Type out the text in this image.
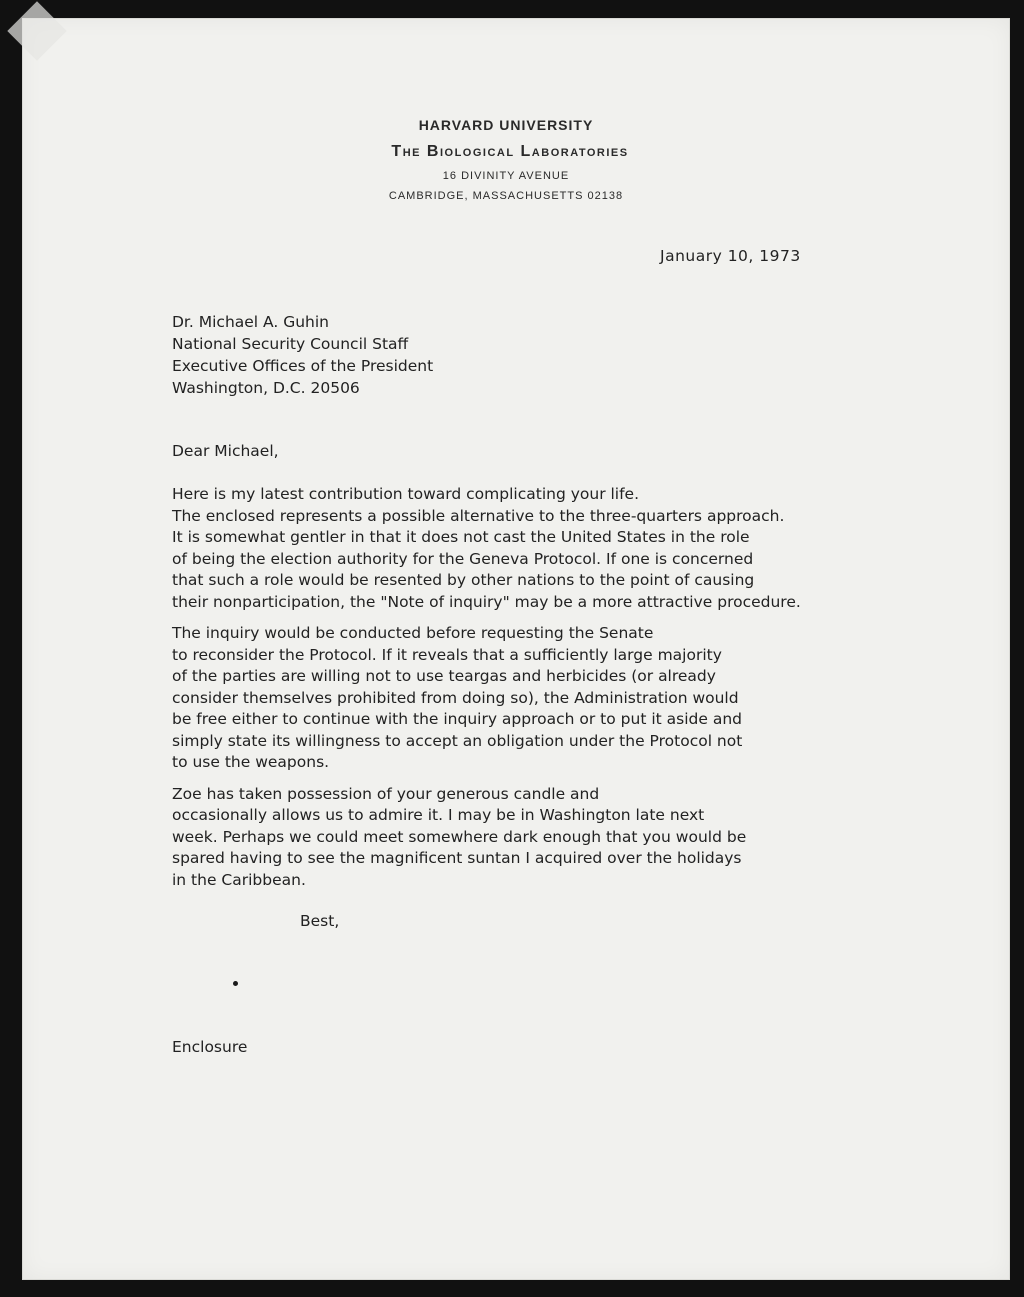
HARVARD UNIVERSITY
The Biological Laboratories
16 DIVINITY AVENUE
CAMBRIDGE, MASSACHUSETTS 02138
January 10, 1973
Dr. Michael A. Guhin
National Security Council Staff
Executive Offices of the President
Washington, D.C. 20506
Dear Michael,

Here is my latest contribution toward complicating your life.
The enclosed represents a possible alternative to the three-quarters approach.
It is somewhat gentler in that it does not cast the United States in the role
of being the election authority for the Geneva Protocol. If one is concerned
that such a role would be resented by other nations to the point of causing
their nonparticipation, the "Note of inquiry" may be a more attractive procedure.

The inquiry would be conducted before requesting the Senate
to reconsider the Protocol. If it reveals that a sufficiently large majority
of the parties are willing not to use teargas and herbicides (or already
consider themselves prohibited from doing so), the Administration would
be free either to continue with the inquiry approach or to put it aside and
simply state its willingness to accept an obligation under the Protocol not
to use the weapons.

Zoe has taken possession of your generous candle and
occasionally allows us to admire it. I may be in Washington late next
week. Perhaps we could meet somewhere dark enough that you would be
spared having to see the magnificent suntan I acquired over the holidays
in the Caribbean.

Best,
Enclosure
